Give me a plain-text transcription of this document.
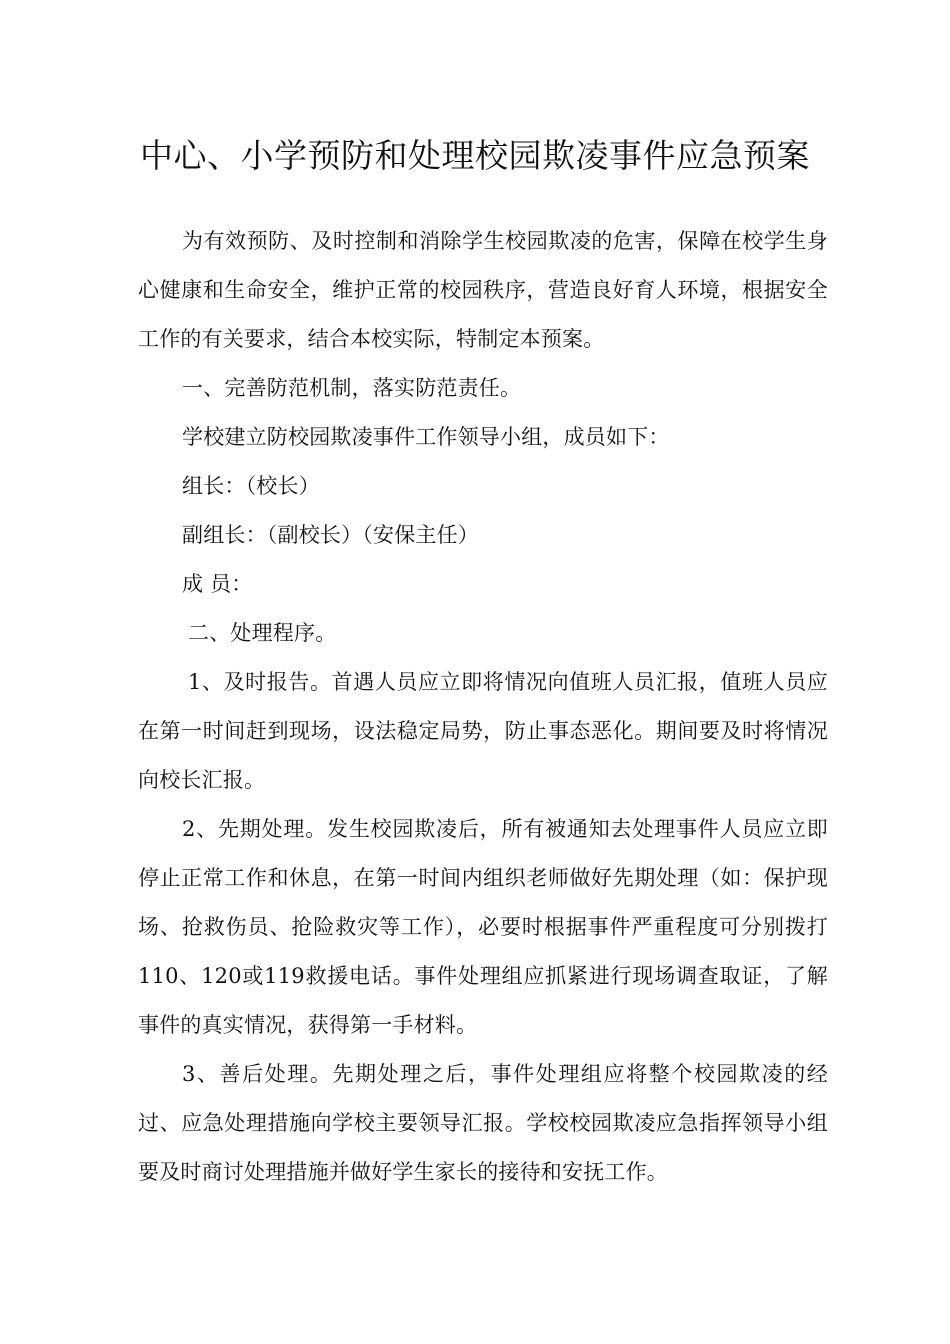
中心、小学预防和处理校园欺凌事件应急预案

为有效预防、及时控制和消除学生校园欺凌的危害，保障在校学生身心健康和生命安全，维护正常的校园秩序，营造良好育人环境，根据安全工作的有关要求，结合本校实际，特制定本预案。

一、完善防范机制，落实防范责任。

学校建立防校园欺凌事件工作领导小组，成员如下：

组长：（校长）

副组长：（副校长）（安保主任）

成 员：

二、处理程序。

1、及时报告。首遇人员应立即将情况向值班人员汇报，值班人员应在第一时间赶到现场，设法稳定局势，防止事态恶化。期间要及时将情况向校长汇报。

2、先期处理。发生校园欺凌后，所有被通知去处理事件人员应立即停止正常工作和休息，在第一时间内组织老师做好先期处理（如：保护现场、抢救伤员、抢险救灾等工作），必要时根据事件严重程度可分别拨打110、120或119救援电话。事件处理组应抓紧进行现场调查取证，了解事件的真实情况，获得第一手材料。

3、善后处理。先期处理之后，事件处理组应将整个校园欺凌的经过、应急处理措施向学校主要领导汇报。学校校园欺凌应急指挥领导小组要及时商讨处理措施并做好学生家长的接待和安抚工作。
